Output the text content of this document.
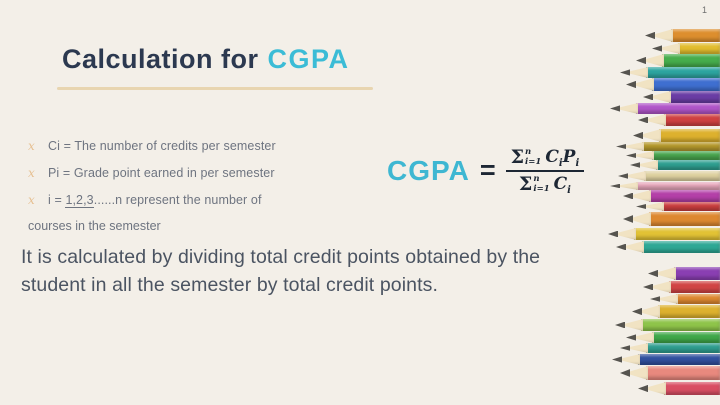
1
Calculation for CGPA
x	Ci = The number of credits per semester
x	Pi = Grade point earned in per semester
x	i = 1,2,3......n represent the number of
courses in the semester
CGPA = Σ n
i=1 $C_iP_i$
Σ n
i=1 $C_i$
It is calculated by dividing total credit points obtained by the student in all the semester by total credit points.
